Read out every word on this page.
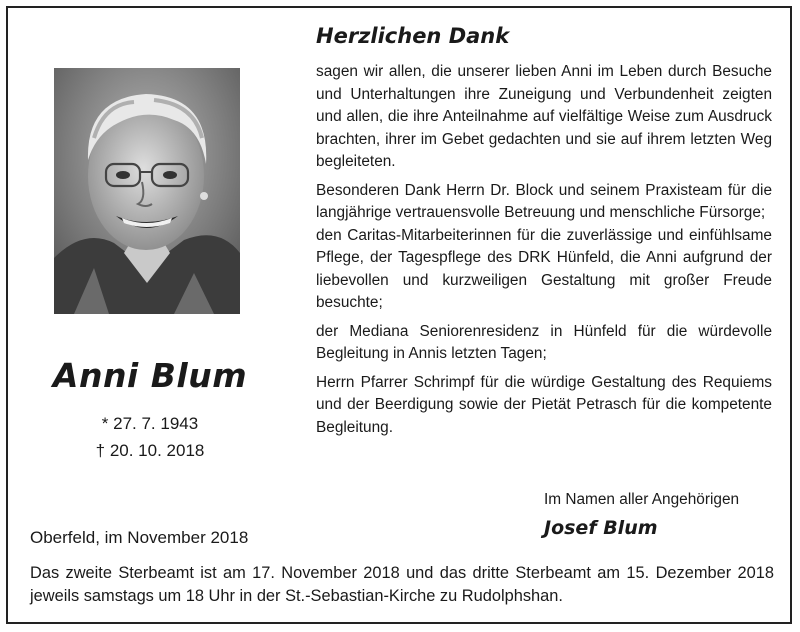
Anni Blum
* 27. 7. 1943
† 20. 10. 2018
Herzlichen Dank

sagen wir allen, die unserer lieben Anni im Leben durch Besuche und Unterhaltungen ihre Zuneigung und Verbundenheit zeigten und allen, die ihre Anteilnahme auf vielfältige Weise zum Ausdruck brachten, ihrer im Gebet gedachten und sie auf ihrem letzten Weg begleiteten.

Besonderen Dank Herrn Dr. Block und seinem Praxisteam für die langjährige vertrauensvolle Betreuung und menschliche Fürsorge;

den Caritas-Mitarbeiterinnen für die zuverlässige und einfühlsame Pflege, der Tagespflege des DRK Hünfeld, die Anni aufgrund der liebevollen und kurzweiligen Gestaltung mit großer Freude besuchte;

der Mediana Seniorenresidenz in Hünfeld für die würdevolle Begleitung in Annis letzten Tagen;

Herrn Pfarrer Schrimpf für die würdige Gestaltung des Requiems und der Beerdigung sowie der Pietät Petrasch für die kompetente Begleitung.

Im Namen aller Angehörigen
Josef Blum
Oberfeld, im November 2018
Das zweite Sterbeamt ist am 17. November 2018 und das dritte Sterbeamt am 15. Dezember 2018 jeweils samstags um 18 Uhr in der St.-Sebastian-Kirche zu Rudolphshan.
